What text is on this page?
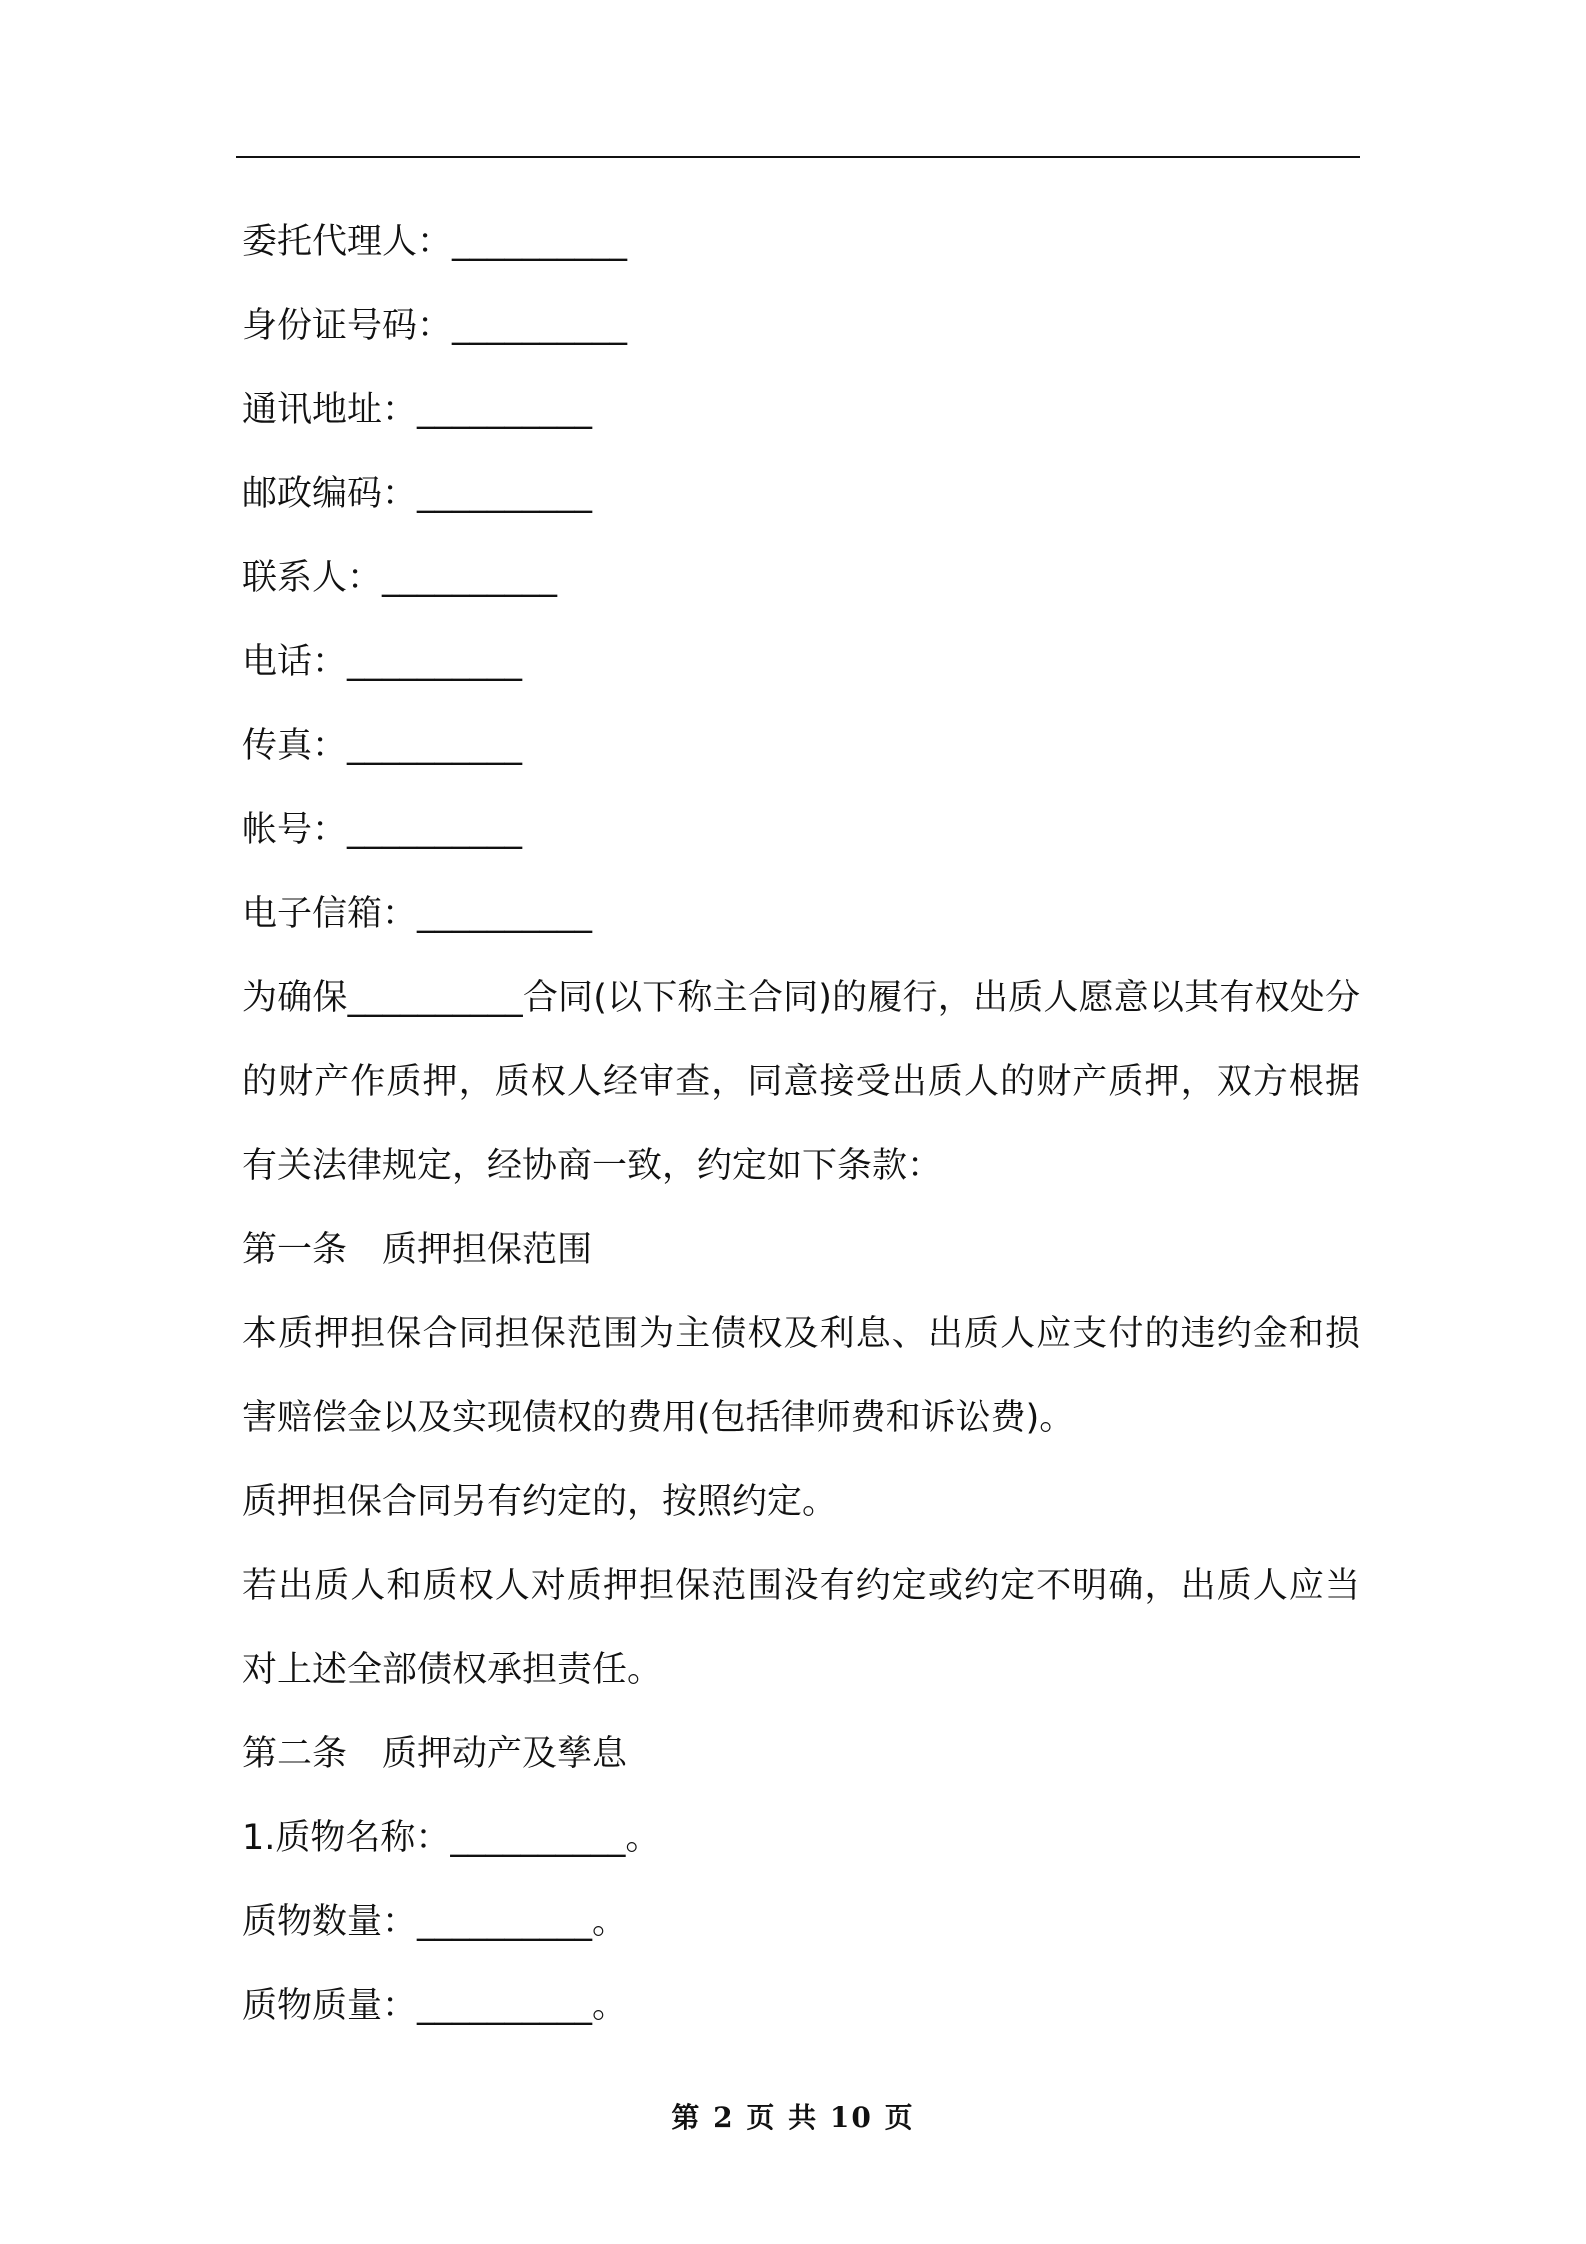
委托代理人：__________
身份证号码：__________
通讯地址：__________
邮政编码：__________
联系人：__________
电话：__________
传真：__________
帐号：__________
电子信箱：__________
为确保__________合同(以下称主合同)的履行，出质人愿意以其有权处分的财产作质押，质权人经审查，同意接受出质人的财产质押，双方根据有关法律规定，经协商一致，约定如下条款：
第一条　质押担保范围
本质押担保合同担保范围为主债权及利息、出质人应支付的违约金和损害赔偿金以及实现债权的费用(包括律师费和诉讼费)。
质押担保合同另有约定的，按照约定。
若出质人和质权人对质押担保范围没有约定或约定不明确，出质人应当对上述全部债权承担责任。
第二条　质押动产及孳息
1.质物名称：__________。
质物数量：__________。
质物质量：__________。
第 2 页 共 10 页
